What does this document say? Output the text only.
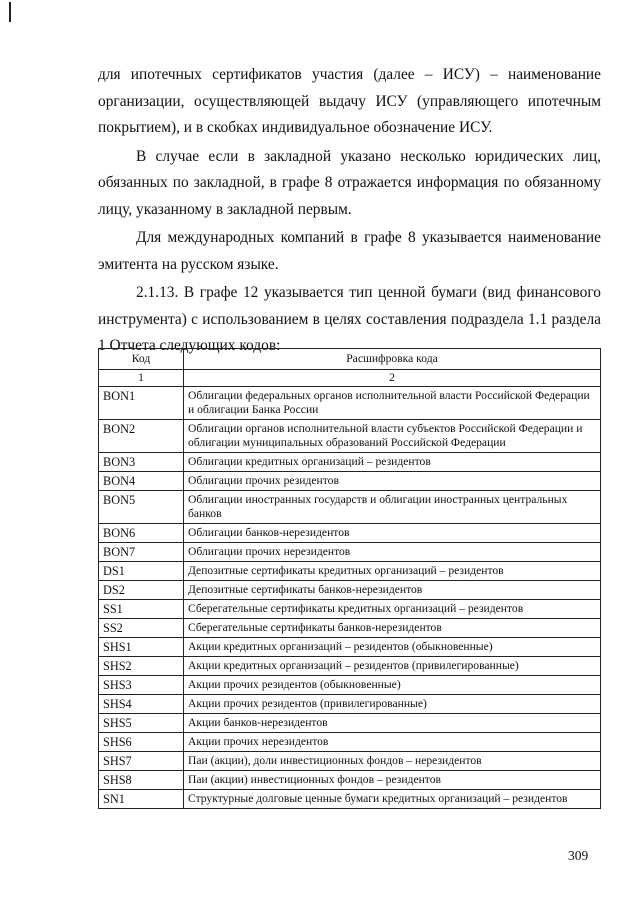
для ипотечных сертификатов участия (далее – ИСУ) – наименование организации, осуществляющей выдачу ИСУ (управляющего ипотечным покрытием), и в скобках индивидуальное обозначение ИСУ.

В случае если в закладной указано несколько юридических лиц, обязанных по закладной, в графе 8 отражается информация по обязанному лицу, указанному в закладной первым.

Для международных компаний в графе 8 указывается наименование эмитента на русском языке.

2.1.13. В графе 12 указывается тип ценной бумаги (вид финансового инструмента) с использованием в целях составления подраздела 1.1 раздела 1 Отчета следующих кодов:

Код	Расшифровка кода
1	2
BON1	Облигации федеральных органов исполнительной власти Российской Федерации и облигации Банка России
BON2	Облигации органов исполнительной власти субъектов Российской Федерации и облигации муниципальных образований Российской Федерации
BON3	Облигации кредитных организаций – резидентов
BON4	Облигации прочих резидентов
BON5	Облигации иностранных государств и облигации иностранных центральных банков
BON6	Облигации банков-нерезидентов
BON7	Облигации прочих нерезидентов
DS1	Депозитные сертификаты кредитных организаций – резидентов
DS2	Депозитные сертификаты банков-нерезидентов
SS1	Сберегательные сертификаты кредитных организаций – резидентов
SS2	Сберегательные сертификаты банков-нерезидентов
SHS1	Акции кредитных организаций – резидентов (обыкновенные)
SHS2	Акции кредитных организаций – резидентов (привилегированные)
SHS3	Акции прочих резидентов (обыкновенные)
SHS4	Акции прочих резидентов (привилегированные)
SHS5	Акции банков-нерезидентов
SHS6	Акции прочих нерезидентов
SHS7	Паи (акции), доли инвестиционных фондов – нерезидентов
SHS8	Паи (акции) инвестиционных фондов – резидентов
SN1	Структурные долговые ценные бумаги кредитных организаций – резидентов
309
